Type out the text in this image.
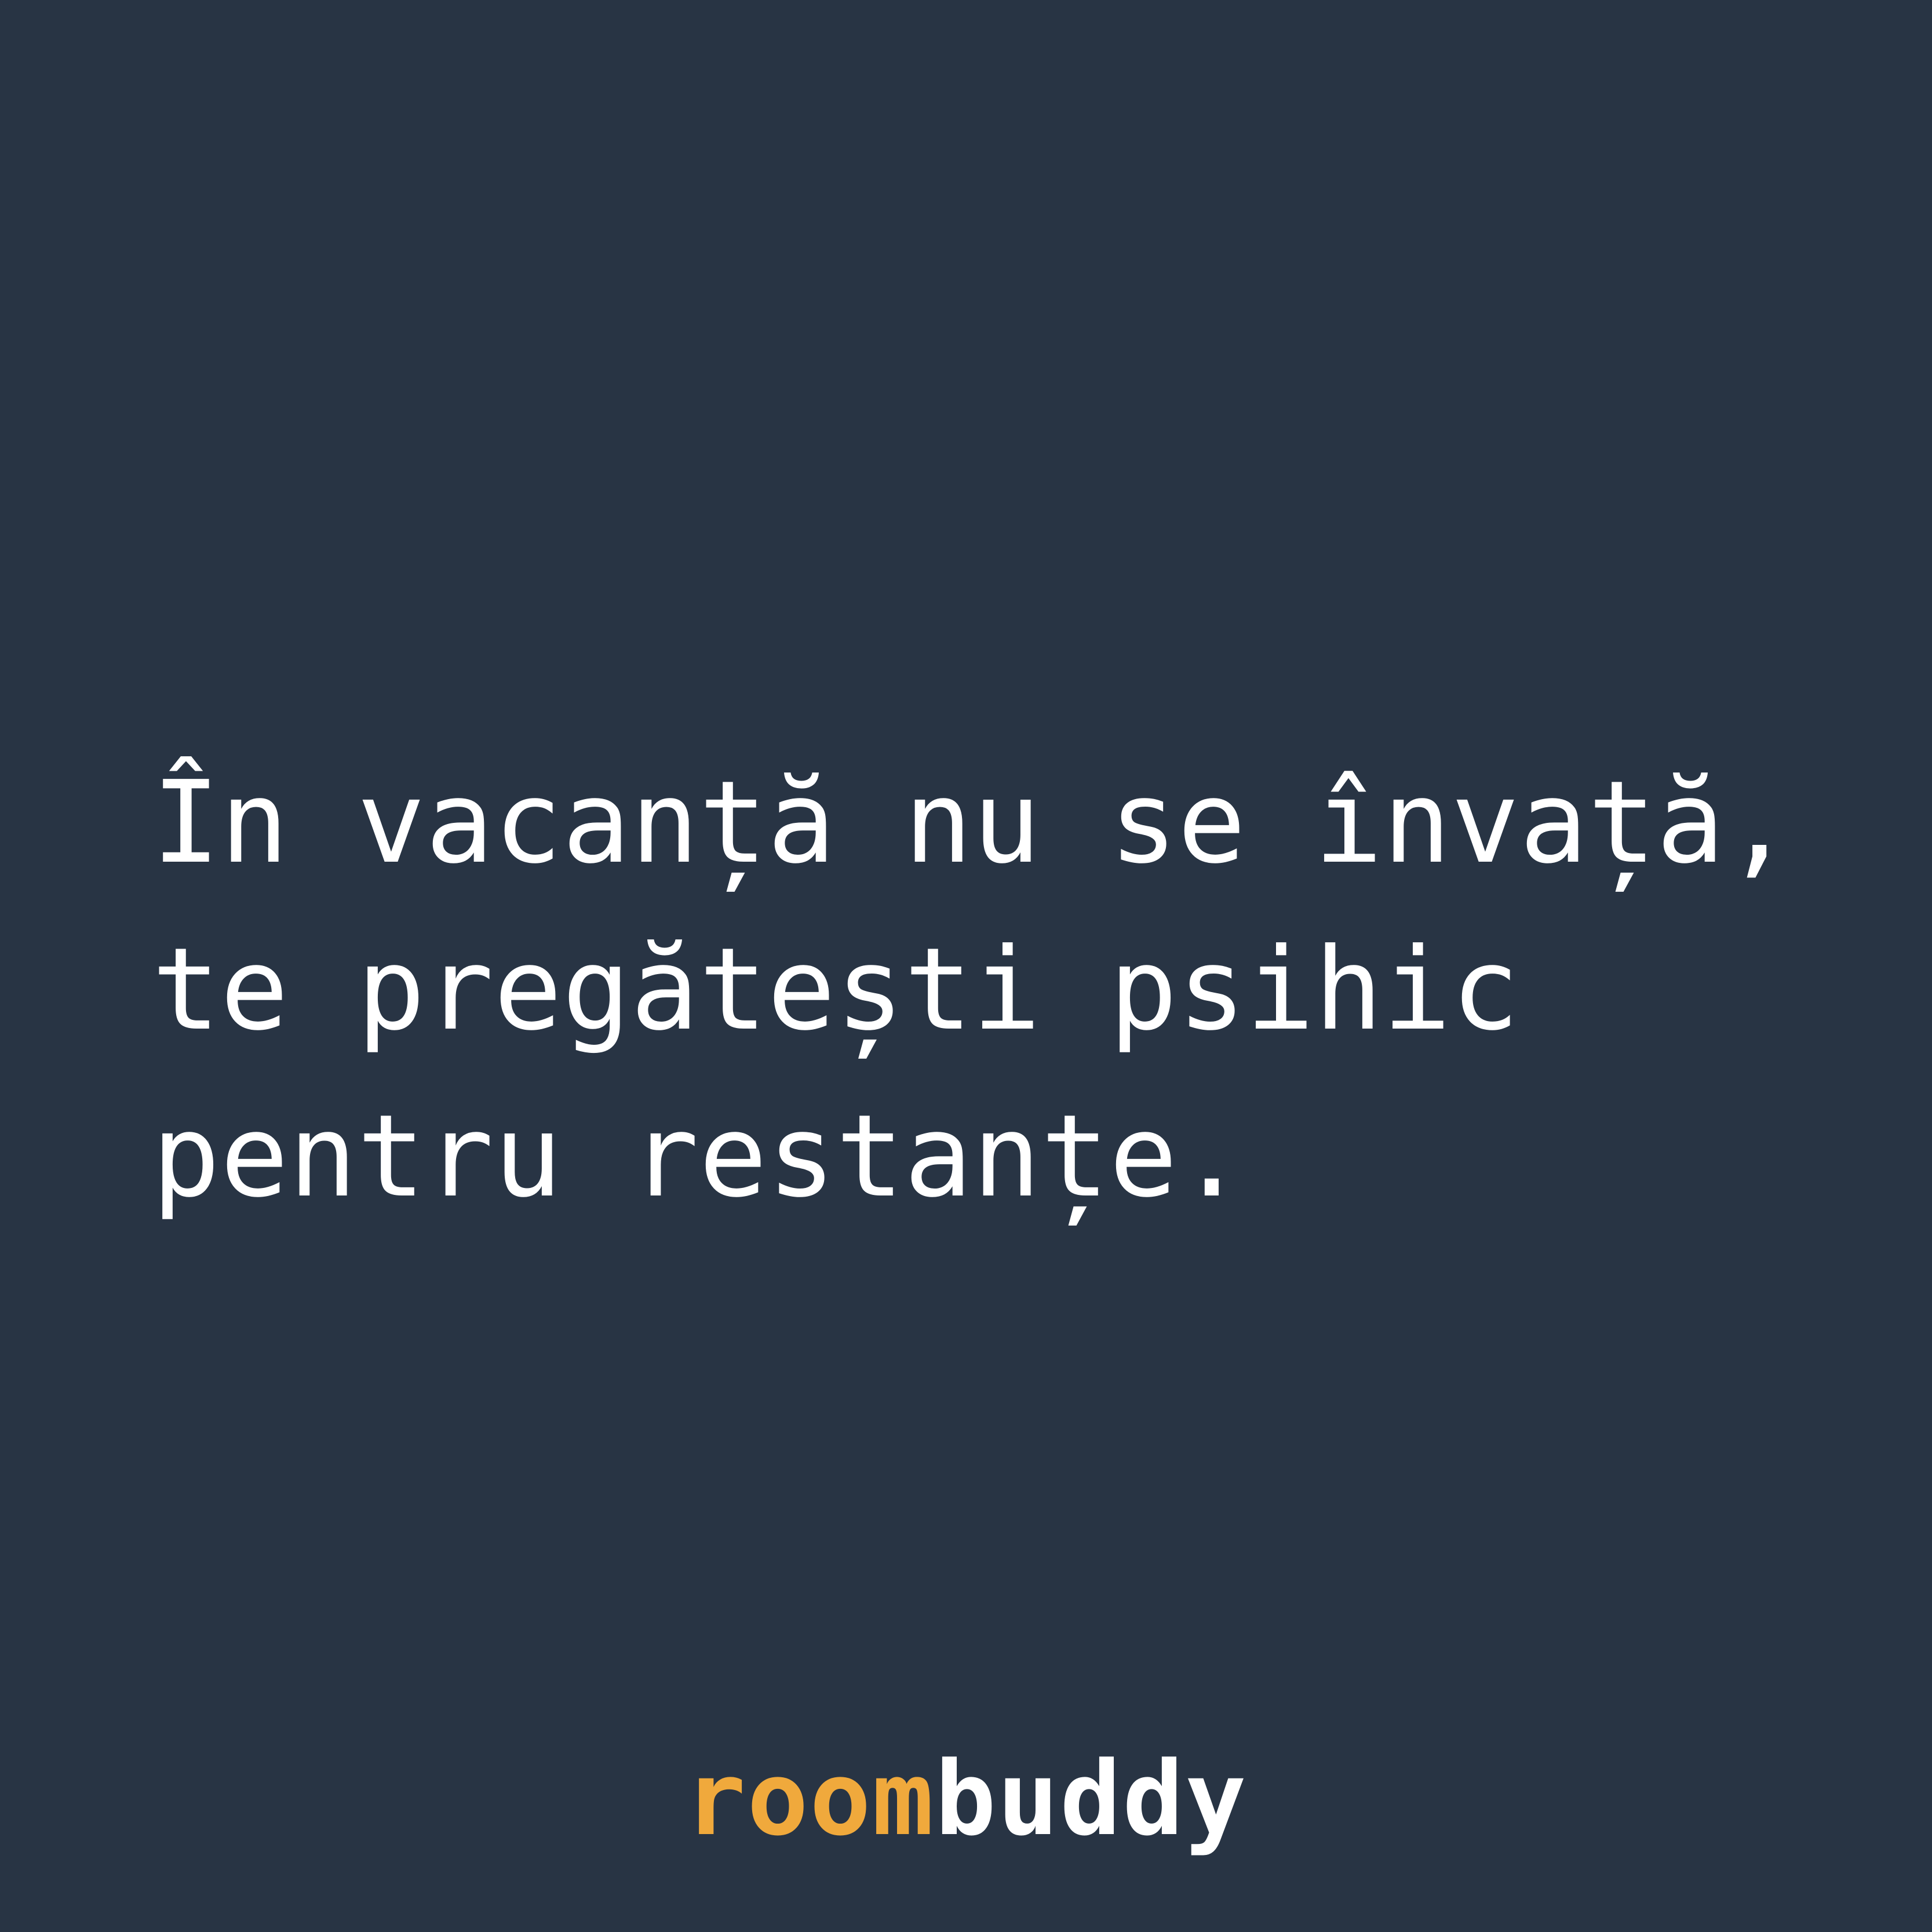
În vacanță nu se învață,
te pregătești psihic
pentru restanțe.

roombuddy
